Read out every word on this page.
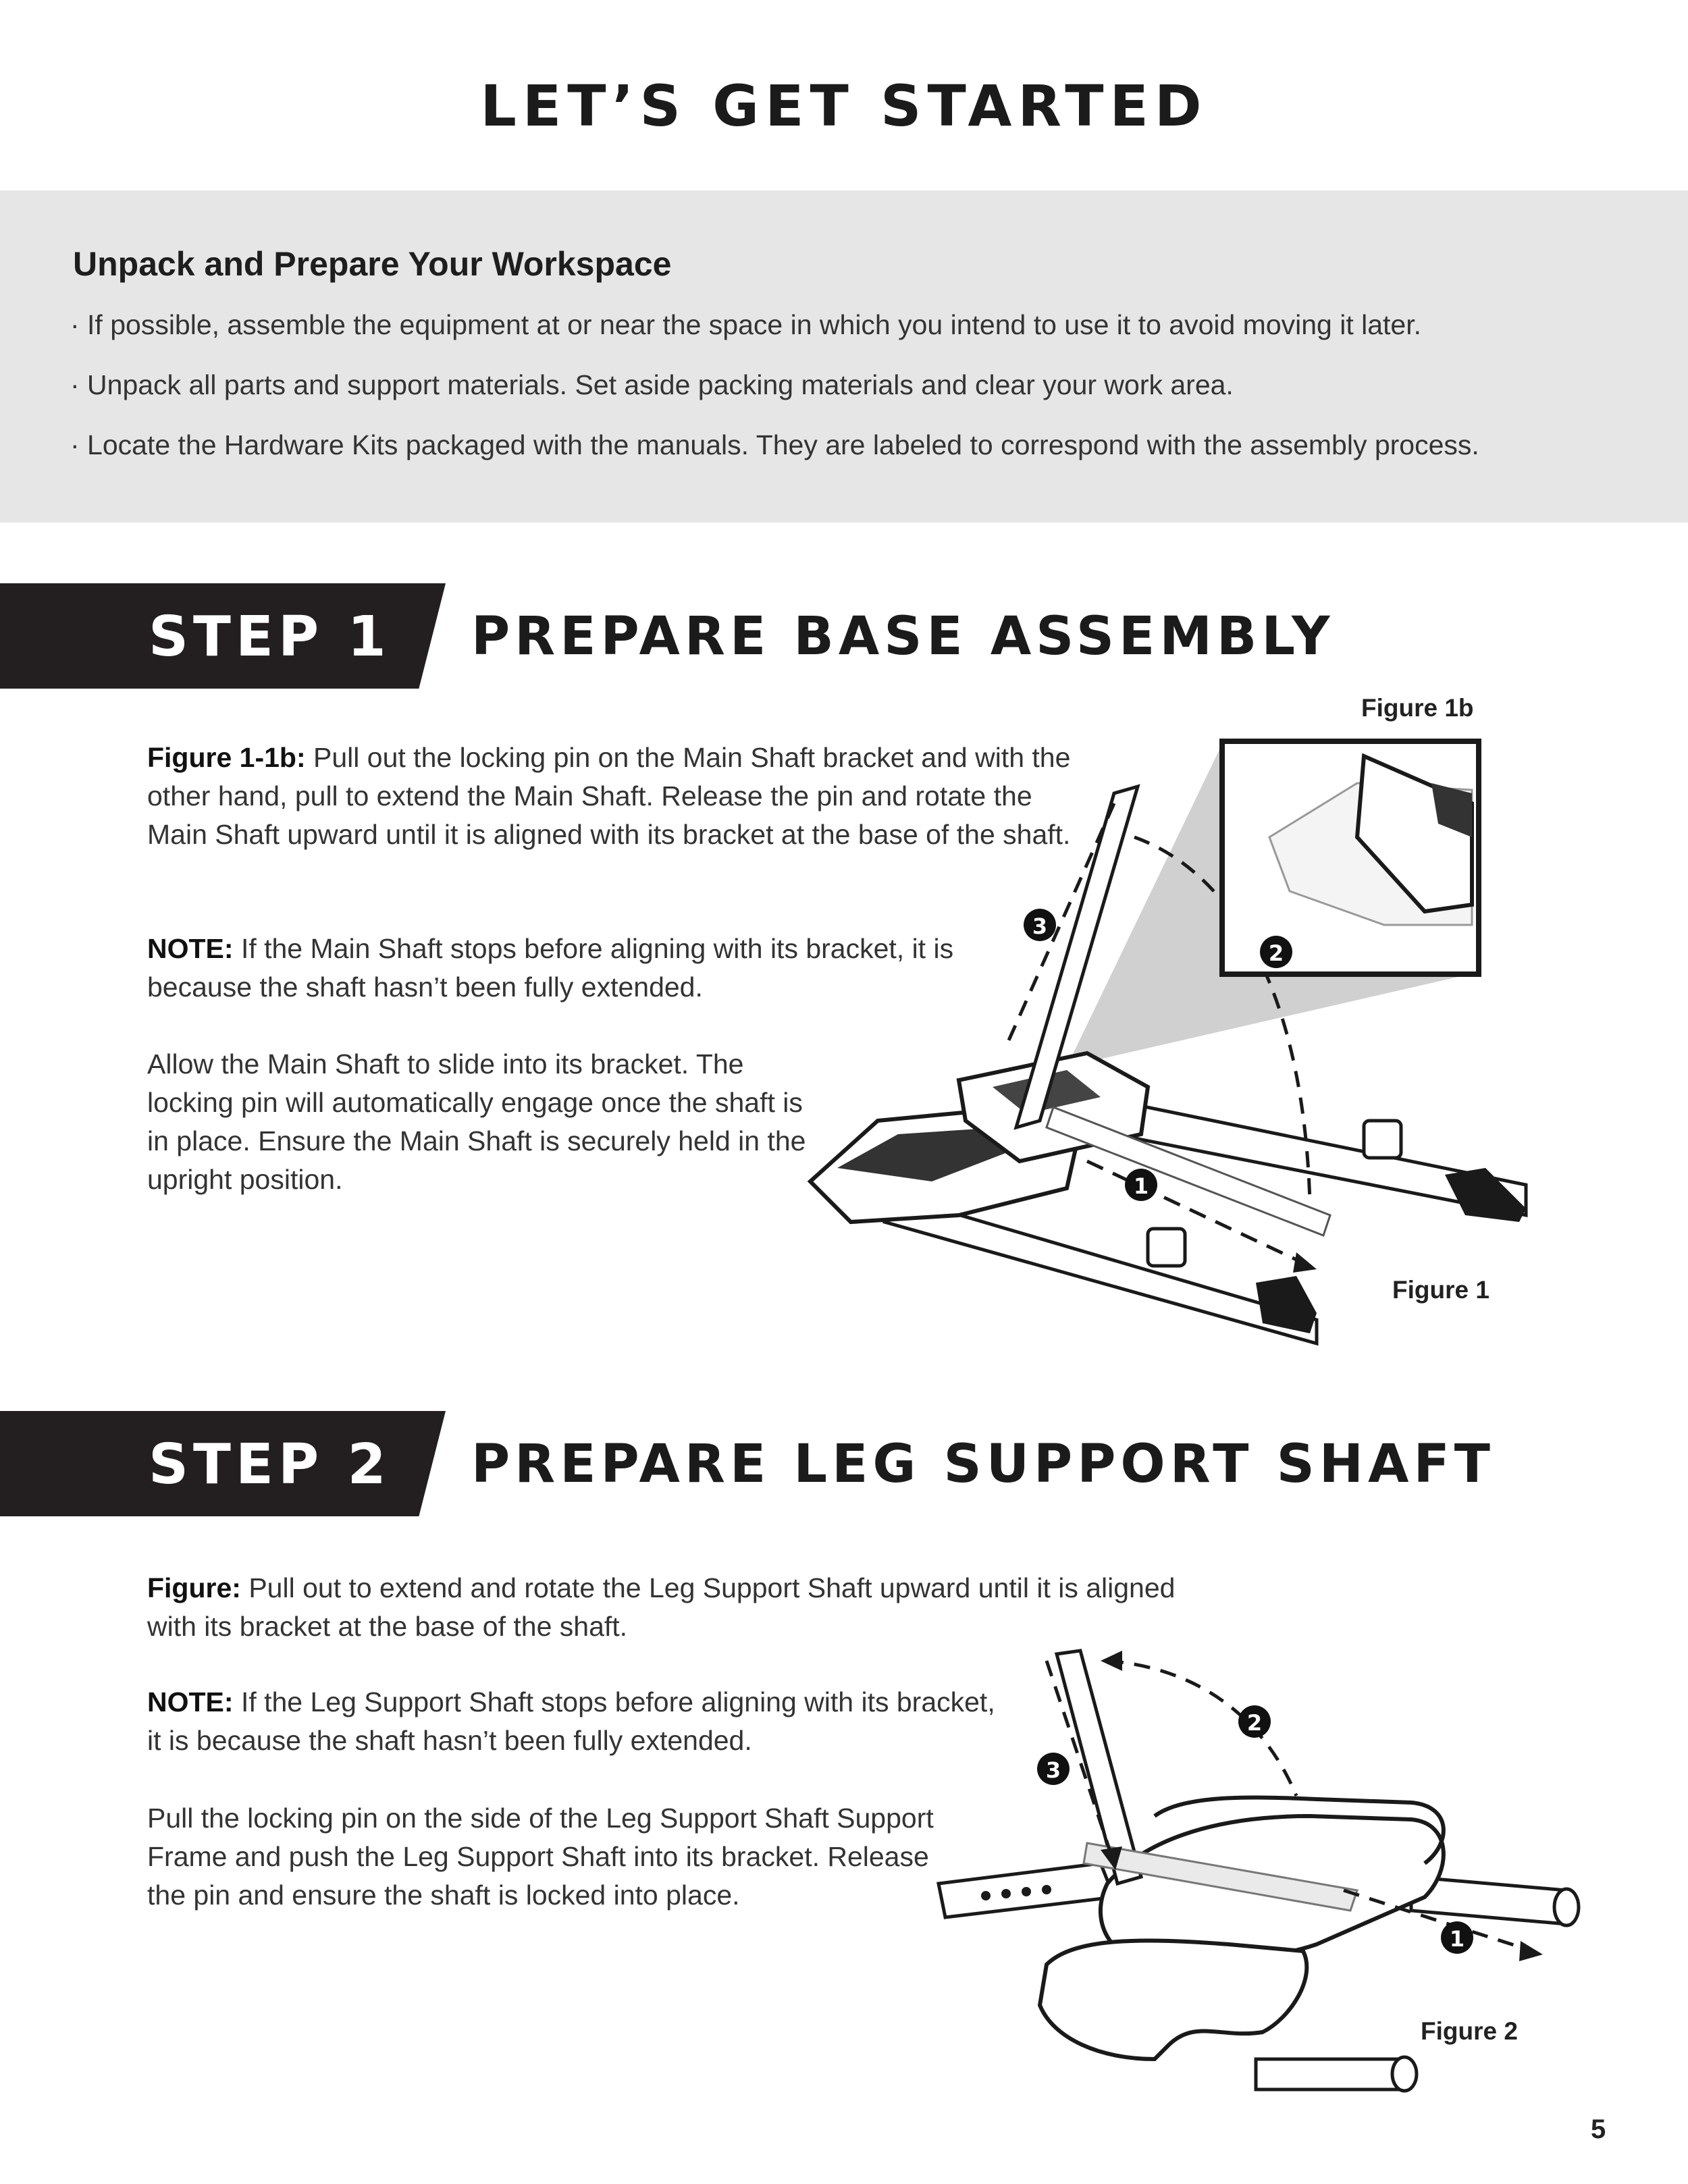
LET’S GET STARTED
Unpack and Prepare Your Workspace
· If possible, assemble the equipment at or near the space in which you intend to use it to avoid moving it later.
· Unpack all parts and support materials. Set aside packing materials and clear your work area.
· Locate the Hardware Kits packaged with the manuals. They are labeled to correspond with the assembly process.
STEP 1 PREPARE BASE ASSEMBLY
Figure 1-1b: Pull out the locking pin on the Main Shaft bracket and with the other hand, pull to extend the Main Shaft. Release the pin and rotate the Main Shaft upward until it is aligned with its bracket at the base of the shaft.
NOTE: If the Main Shaft stops before aligning with its bracket, it is because the shaft hasn’t been fully extended.
Allow the Main Shaft to slide into its bracket. The locking pin will automatically engage once the shaft is in place. Ensure the Main Shaft is securely held in the upright position.
3
2
1
Figure 1b
Figure 1
STEP 2 PREPARE LEG SUPPORT SHAFT
Figure: Pull out to extend and rotate the Leg Support Shaft upward until it is aligned with its bracket at the base of the shaft.
NOTE: If the Leg Support Shaft stops before aligning with its bracket, it is because the shaft hasn’t been fully extended.
Pull the locking pin on the side of the Leg Support Shaft Support Frame and push the Leg Support Shaft into its bracket. Release the pin and ensure the shaft is locked into place.
2
3
1
Figure 2
5
